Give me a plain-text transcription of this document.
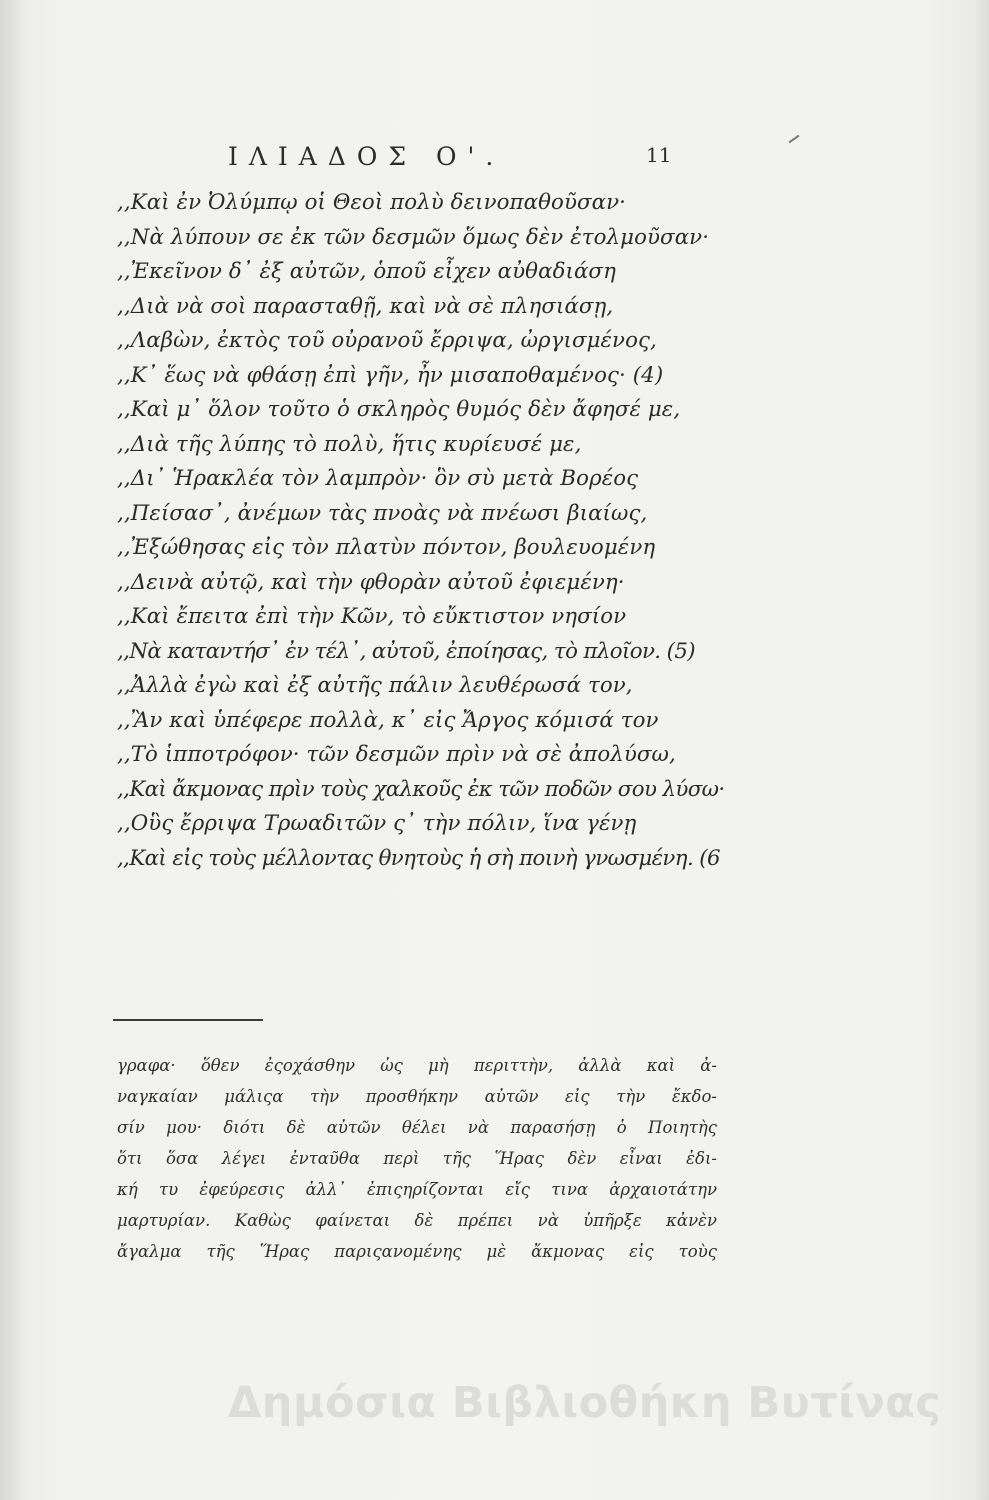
ΙΛΙΑΔΟΣ Ο'.	11
,,Καὶ ἐν Ὀλύμπῳ οἱ Θεοὶ πολὺ δεινοπαθοῦσαν·
,,Νὰ λύπουν σε ἐκ τῶν δεσμῶν ὅμως δὲν ἐτολμοῦσαν·
,,Ἐκεῖνον δ᾽ ἐξ αὐτῶν, ὁποῦ εἶχεν αὐθαδιάση
,,Διὰ νὰ σοὶ παρασταθῇ, καὶ νὰ σὲ πλησιάσῃ,
,,Λαβὼν, ἐκτὸς τοῦ οὐρανοῦ ἔρριψα, ὠργισμένος,
,,Κ᾽ ἕως νὰ φθάσῃ ἐπὶ γῆν, ἦν μισαποθαμένος· (4)
,,Καὶ μ᾽ ὅλον τοῦτο ὁ σκληρὸς θυμός δὲν ἄφησέ με,
,,Διὰ τῆς λύπης τὸ πολὺ, ἥτις κυρίευσέ με,
,,Δι᾽ Ἡρακλέα τὸν λαμπρὸν· ὃν σὺ μετὰ Βορέος
,,Πείσασ᾽, ἀνέμων τὰς πνοὰς νὰ πνέωσι βιαίως,
,,Ἐξώθησας εἰς τὸν πλατὺν πόντον, βουλευομένη
,,Δεινὰ αὐτῷ, καὶ τὴν φθορὰν αὐτοῦ ἐφιεμένη·
,,Καὶ ἔπειτα ἐπὶ τὴν Κῶν, τὸ εὔκτιστον νησίον
,,Νὰ καταντήσ᾽ ἐν τέλ᾽, αὐτοῦ, ἐποίησας, τὸ πλοῖον. (5)
,,Ἀλλὰ ἐγὼ καὶ ἐξ αὐτῆς πάλιν λευθέρωσά τον,
,,Ἂν καὶ ὑπέφερε πολλὰ, κ᾽ εἰς Ἄργος κόμισά τον
,,Τὸ ἱπποτρόφον· τῶν δεσμῶν πρὶν νὰ σὲ ἀπολύσω,
,,Καὶ ἄκμονας πρὶν τοὺς χαλκοῦς ἐκ τῶν ποδῶν σου λύσω·
,,Οὓς ἔρριψα Τρωαδιτῶν ς᾽ τὴν πόλιν, ἵνα γένῃ
,,Καὶ εἰς τοὺς μέλλοντας θνητοὺς ἡ σὴ ποινὴ γνωσμένη. (6
γραφα· ὅθεν ἐςοχάσθην ὡς μὴ περιττὴν, ἀλλὰ καὶ ἀ-
ναγκαίαν μάλιςα τὴν προσθήκην αὐτῶν εἰς τὴν ἔκδο-
σίν μου· διότι δὲ αὐτῶν θέλει νὰ παρασήσῃ ὁ Ποιητὴς
ὅτι ὅσα λέγει ἐνταῦθα περὶ τῆς Ἥρας δὲν εἶναι ἐδι-
κή τυ ἐφεύρεσις ἀλλ᾽ ἐπιςηρίζονται εἴς τινα ἀρχαιοτάτην
μαρτυρίαν. Καθὼς φαίνεται δὲ πρέπει νὰ ὑπῆρξε κἀνὲν
ἄγαλμα τῆς Ἥρας παριςανομένης μὲ ἄκμονας εἰς τοὺς
Δημόσια Βιβλιοθήκη Βυτίνας
